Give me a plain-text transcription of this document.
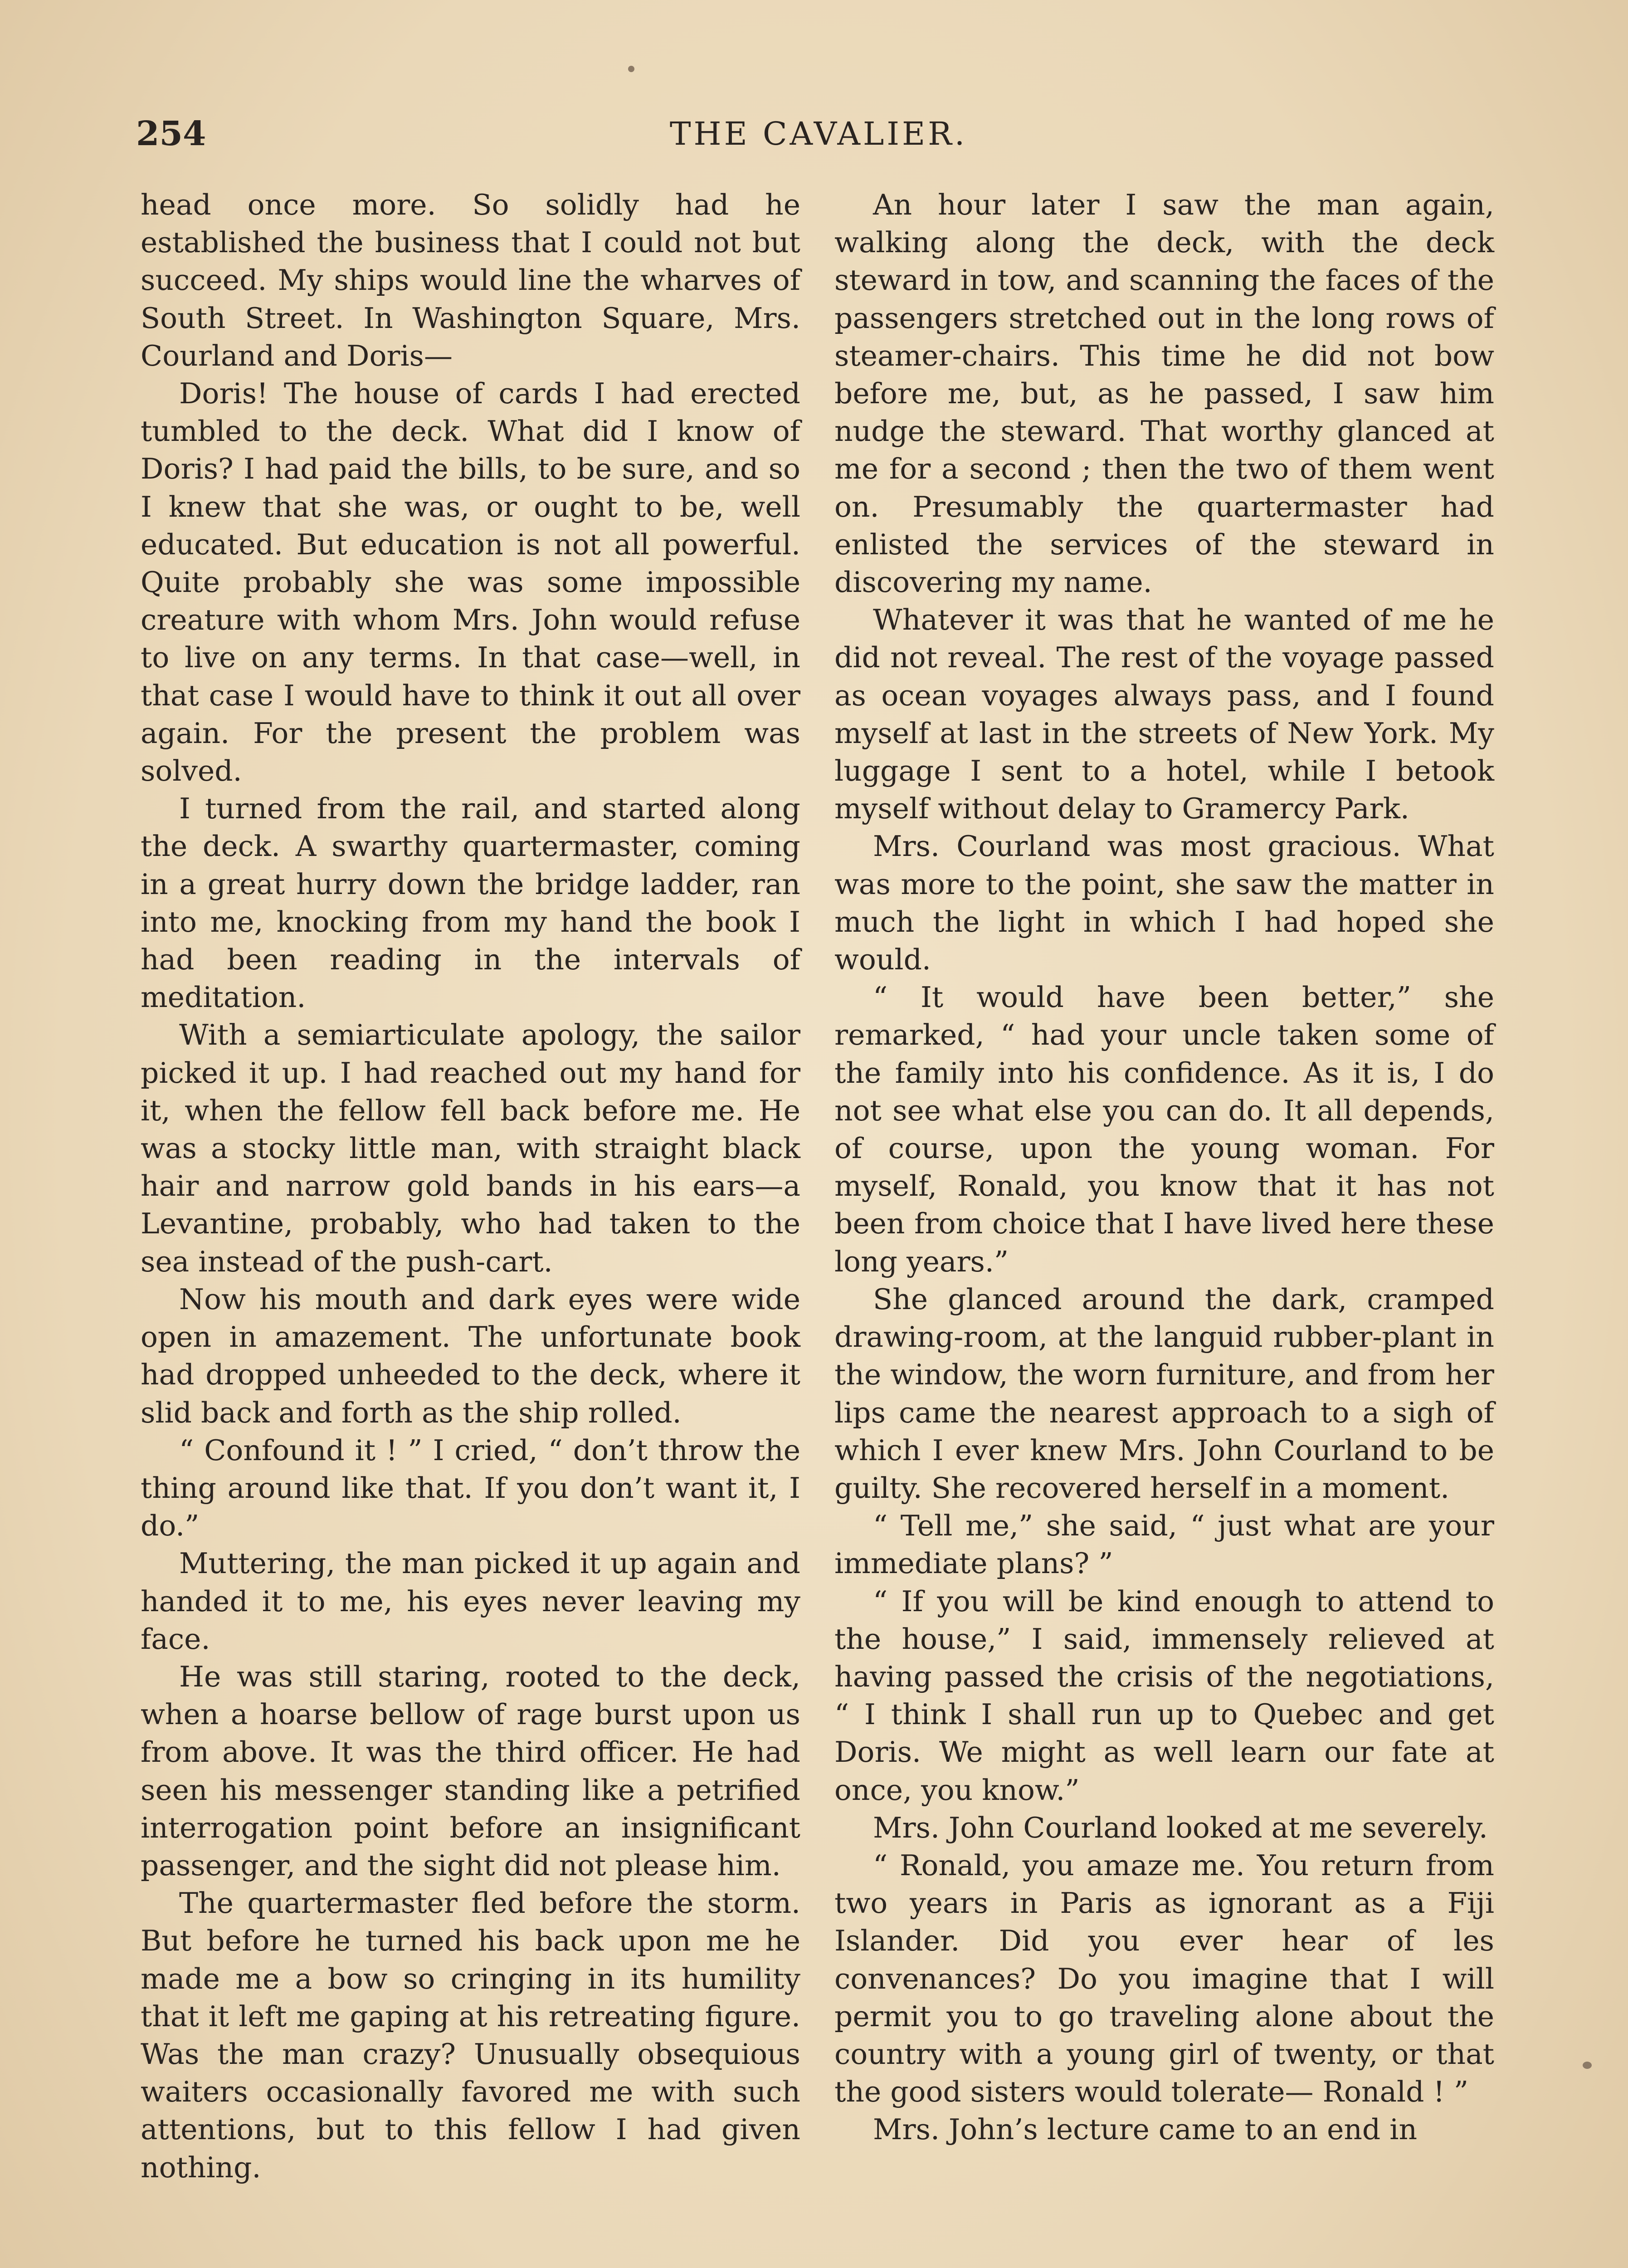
254	THE CAVALIER.

head once more. So solidly had he established the business that I could not but succeed. My ships would line the wharves of South Street. In Washington Square, Mrs. Courland and Doris—

Doris! The house of cards I had erected tumbled to the deck. What did I know of Doris? I had paid the bills, to be sure, and so I knew that she was, or ought to be, well educated. But education is not all powerful. Quite probably she was some impossible creature with whom Mrs. John would refuse to live on any terms. In that case—well, in that case I would have to think it out all over again. For the present the problem was solved.

I turned from the rail, and started along the deck. A swarthy quartermaster, coming in a great hurry down the bridge ladder, ran into me, knocking from my hand the book I had been reading in the intervals of meditation.

With a semiarticulate apology, the sailor picked it up. I had reached out my hand for it, when the fellow fell back before me. He was a stocky little man, with straight black hair and narrow gold bands in his ears—a Levantine, probably, who had taken to the sea instead of the push-cart.

Now his mouth and dark eyes were wide open in amazement. The unfortunate book had dropped unheeded to the deck, where it slid back and forth as the ship rolled.

“ Confound it ! ” I cried, “ don’t throw the thing around like that. If you don’t want it, I do.”

Muttering, the man picked it up again and handed it to me, his eyes never leaving my face.

He was still staring, rooted to the deck, when a hoarse bellow of rage burst upon us from above. It was the third officer. He had seen his messenger standing like a petrified interrogation point before an insignificant passenger, and the sight did not please him.

The quartermaster fled before the storm. But before he turned his back upon me he made me a bow so cringing in its humility that it left me gaping at his retreating figure. Was the man crazy? Unusually obsequious waiters occasionally favored me with such attentions, but to this fellow I had given nothing.

An hour later I saw the man again, walking along the deck, with the deck steward in tow, and scanning the faces of the passengers stretched out in the long rows of steamer-chairs. This time he did not bow before me, but, as he passed, I saw him nudge the steward. That worthy glanced at me for a second ; then the two of them went on. Presumably the quartermaster had enlisted the services of the steward in discovering my name.

Whatever it was that he wanted of me he did not reveal. The rest of the voyage passed as ocean voyages always pass, and I found myself at last in the streets of New York. My luggage I sent to a hotel, while I betook myself without delay to Gramercy Park.

Mrs. Courland was most gracious. What was more to the point, she saw the matter in much the light in which I had hoped she would.

“ It would have been better,” she remarked, “ had your uncle taken some of the family into his confidence. As it is, I do not see what else you can do. It all depends, of course, upon the young woman. For myself, Ronald, you know that it has not been from choice that I have lived here these long years.”

She glanced around the dark, cramped drawing-room, at the languid rubber-plant in the window, the worn furniture, and from her lips came the nearest approach to a sigh of which I ever knew Mrs. John Courland to be guilty. She recovered herself in a moment.

“ Tell me,” she said, “ just what are your immediate plans? ”

“ If you will be kind enough to attend to the house,” I said, immensely relieved at having passed the crisis of the negotiations, “ I think I shall run up to Quebec and get Doris. We might as well learn our fate at once, you know.”

Mrs. John Courland looked at me severely.

“ Ronald, you amaze me. You return from two years in Paris as ignorant as a Fiji Islander. Did you ever hear of les convenances? Do you imagine that I will permit you to go traveling alone about the country with a young girl of twenty, or that the good sisters would tolerate— Ronald ! ”

Mrs. John’s lecture came to an end in
